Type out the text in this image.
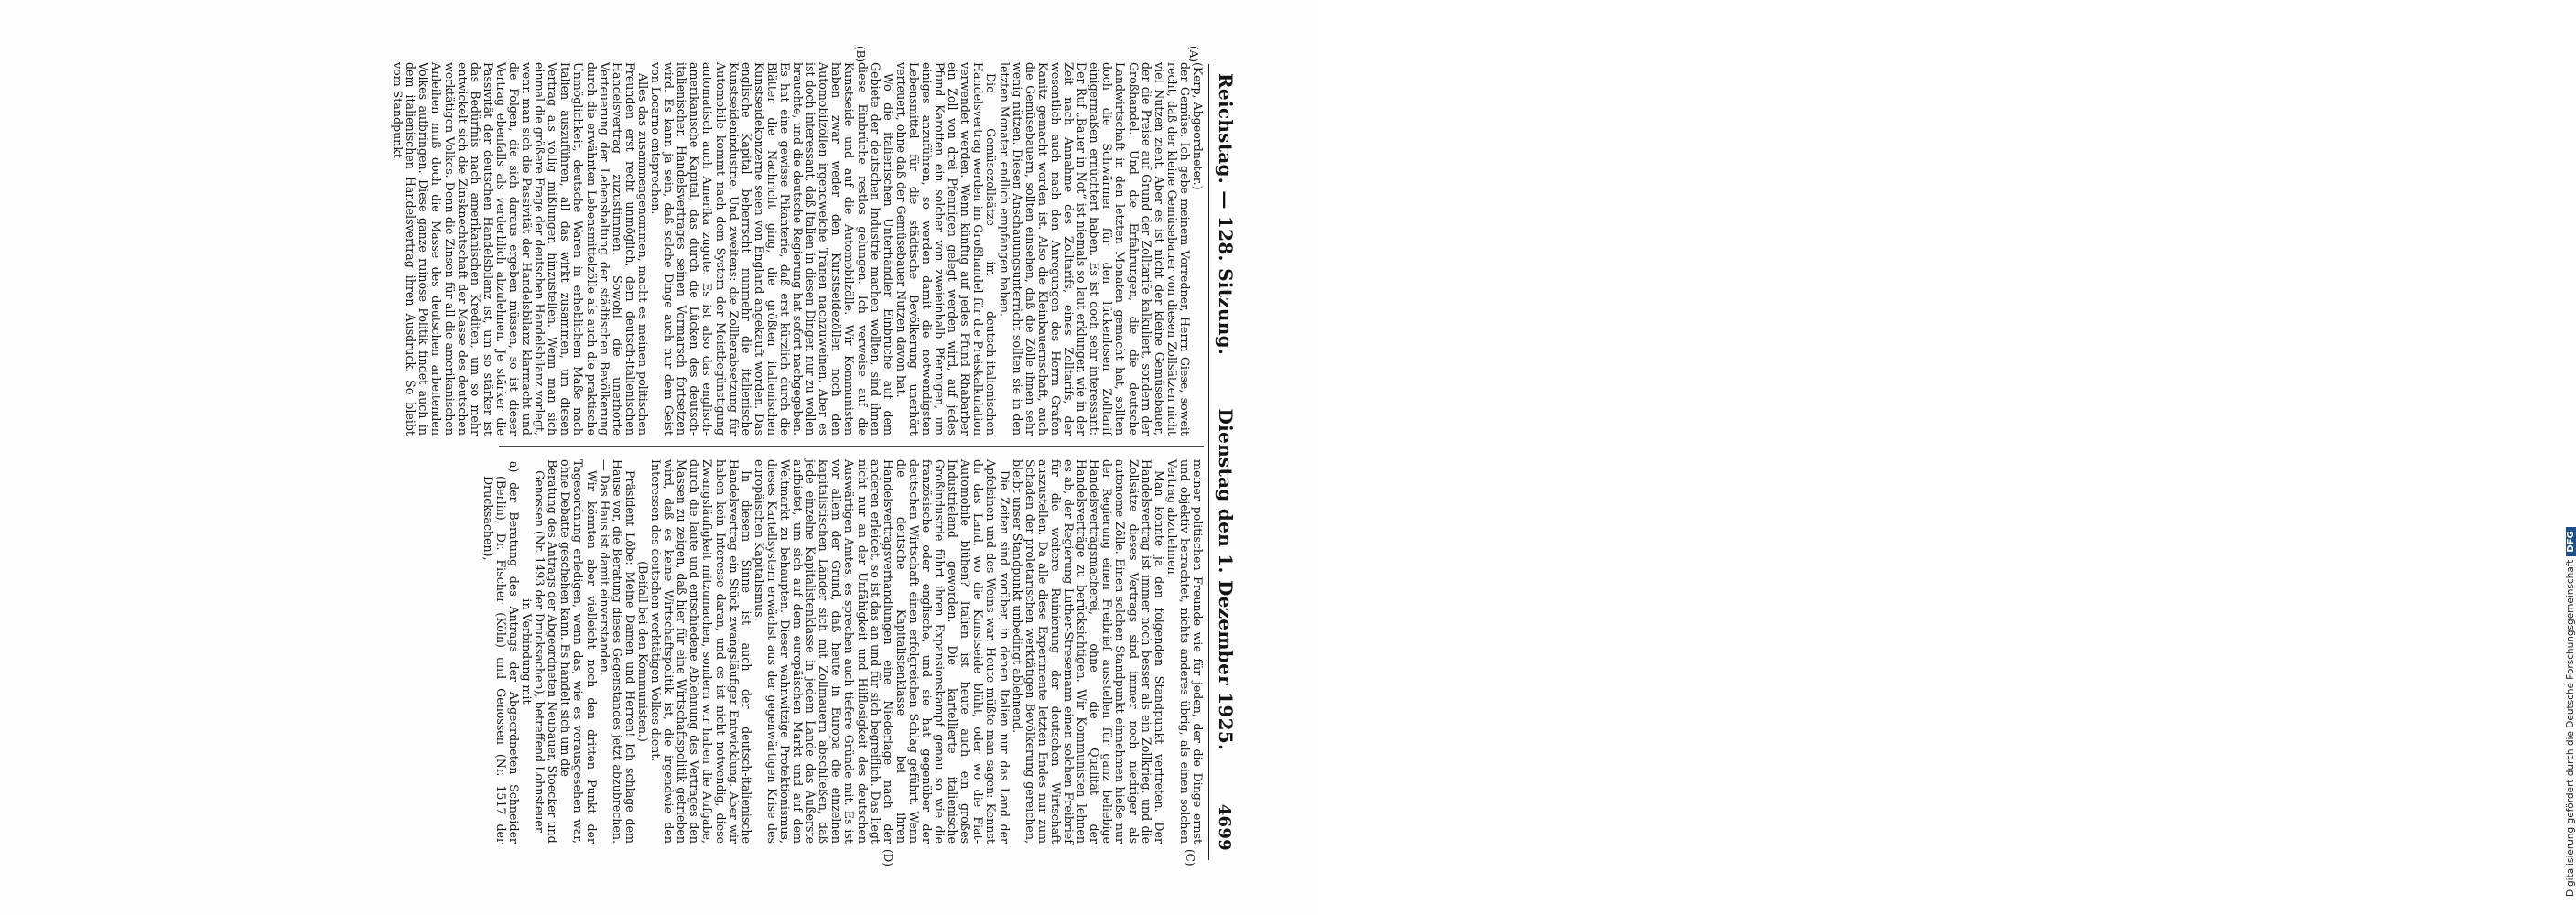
Reichstag. — 128. Sitzung.
Dienstag den 1. Dezember 1925.
4699
(A)
(B)
(C)
(D)

(Kerp, Abgeordneter.)

der Gemüse. Ich gebe meinem Vorredner, Herrn Giese, soweit recht, daß der kleine Gemüsebauer von diesen Zollsätzen nicht viel Nutzen zieht. Aber es ist nicht der kleine Gemüsebauer, der die Preise auf Grund der Zolltarife kalkuliert, sondern der Großhandel. Und die Erfahrungen, die die deutsche Landwirtschaft in den letzten Monaten gemacht hat, sollten doch die Schwärmer für den lückenlosen Zolltarif einigermaßen ernüchtert haben. Es ist doch sehr interessant: Der Ruf „Bauer in Not“ ist niemals so laut erklungen wie in der Zeit nach Annahme des Zolltarifs, eines Zolltarifs, der wesentlich auch nach den Anregungen des Herrn Grafen Kanitz gemacht worden ist. Also die Kleinbauernschaft, auch die Gemüsebauern, sollten einsehen, daß die Zölle ihnen sehr wenig nützen. Diesen Anschauungsunterricht sollten sie in den letzten Monaten endlich empfangen haben.

Die Gemüsezollsätze im deutsch-italienischen Handelsvertrag werden im Großhandel für die Preiskalkulation verwendet werden. Wenn künftig auf jedes Pfund Rhabarber ein Zoll von drei Pfennigen gelegt werden wird, auf jedes Pfund Karotten ein solcher von zweieinhalb Pfennigen, um einiges anzuführen, so werden damit die notwendigsten Lebensmittel für die städtische Bevölkerung unerhört verteuert, ohne daß der Gemüsebauer Nutzen davon hat.

Wo die italienischen Unterhändler Einbrüche auf dem Gebiete der deutschen Industrie machen wollten, sind ihnen diese Einbrüche restlos gelungen. Ich verweise auf die Kunstseide und auf die Automobilzölle. Wir Kommunisten haben zwar weder den Kunstseidezöllen noch den Automobilzöllen irgendwelche Tränen nachzuweinen. Aber es ist doch interessant, daß Italien in diesen Dingen nur zu wollen brauchte, und die deutsche Regierung hat sofort nachgegeben. Es hat eine gewisse Pikanterie, daß erst kürzlich durch die Blätter die Nachricht ging, die größten italienischen Kunstseidekonzerne seien von England angekauft worden. Das englische Kapital beherrscht nunmehr die italienische Kunstseidenindustrie. Und zweitens: die Zollherabsetzung für Automobile kommt nach dem System der Meistbegünstigung automatisch auch Amerika zugute. Es ist also das englisch-amerikanische Kapital, das durch die Lücken des deutsch-italienischen Handelsvertrages seinen Vormarsch fortsetzen wird. Es kann ja sein, daß solche Dinge auch nur dem Geist von Locarno entsprechen.

Alles das zusammengenommen, macht es meinen politischen Freunden erst recht unmöglich, dem deutsch-italienischen Handelsvertrag zuzustimmen. Sowohl die unerhörte Verteuerung der Lebenshaltung der städtischen Bevölkerung durch die erwähnten Lebensmittelzölle als auch die praktische Unmöglichkeit, deutsche Waren in erheblichem Maße nach Italien auszuführen, all das wirkt zusammen, um diesen Vertrag als völlig mißlungen hinzustellen. Wenn man sich einmal die größere Frage der deutschen Handelsbilanz vorlegt, wenn man sich die Passivität der Handelsbilanz klarmacht und die Folgen, die sich daraus ergeben müssen, so ist dieser Vertrag ebenfalls als verderblich abzulehnen. Je stärker die Passivität der deutschen Handelsbilanz ist, um so stärker ist das Bedürfnis nach amerikanischen Krediten, um so mehr entwickelt sich die Zinsknechtschaft der Masse des deutschen werktätigen Volkes. Denn die Zinsen für all die amerikanischen Anleihen muß doch die Masse des deutschen arbeitenden Volkes aufbringen. Diese ganze ruinöse Politik findet auch in dem italienischen Handelsvertrag ihren Ausdruck. So bleibt vom Standpunkt

meiner politischen Freunde wie für jeden, der die Dinge ernst und objektiv betrachtet, nichts anderes übrig, als einen solchen Vertrag abzulehnen.

Man könnte ja den folgenden Standpunkt vertreten. Der Handelsvertrag ist immer noch besser als ein Zollkrieg, und die Zollsätze dieses Vertrags sind immer noch niedriger als autonome Zölle. Einen solchen Standpunkt einnehmen hieße nur der Regierung einen Freibrief ausstellen für ganz beliebige Handelsverträgsmacherei, ohne die Qualität der Handelsverträge zu berücksichtigen. Wir Kommunisten lehnen es ab, der Regierung Luther-Stresemann einen solchen Freibrief für die weitere Ruinierung der deutschen Wirtschaft auszustellen. Da alle diese Experimente letzten Endes nur zum Schaden der proletarischen werktätigen Bevölkerung gereichen, bleibt unser Standpunkt unbedingt ablehnend.

Die Zeiten sind vorüber, in denen Italien nur das Land der Apfelsinen und des Weins war. Heute müßte man sagen: Kennst du das Land, wo die Kunstseide blüht, oder wo die Fiat-Automobile blühen? Italien ist heute auch ein großes Industrieland geworden. Die kartellierte italienische Großindustrie führt ihren Expansionskampf genau so wie die französische oder englische, und sie hat gegenüber der deutschen Wirtschaft einen erfolgreichen Schlag geführt. Wenn die deutsche Kapitalistenklasse bei ihren Handelsvertragsverhandlungen eine Niederlage nach der anderen erleidet, so ist das an und für sich begreiflich. Das liegt nicht nur an der Unfähigkeit und Hilflosigkeit des deutschen Auswärtigen Amtes, es sprechen auch tiefere Gründe mit. Es ist vor allem der Grund, daß heute in Europa die einzelnen kapitalistischen Länder sich mit Zollmauern abschließen, daß jede einzelne Kapitalistenklasse in jedem Lande das Äußerste aufbietet, um sich auf dem europäischen Markt und auf dem Weltmarkt zu behaupten. Dieser wahnwitzige Protektionismus, dieses Kartellsystem erwächst aus der gegenwärtigen Krise des europäischen Kapitalismus.

In diesem Sinne ist auch der deutsch-italienische Handelsvertrag ein Stück zwangsläufiger Entwicklung. Aber wir haben kein Interesse daran, und es ist nicht notwendig, diese Zwangsläufigkeit mitzumachen, sondern wir haben die Aufgabe, durch die laute und entschiedene Ablehnung des Vertrages den Massen zu zeigen, daß hier für eine Wirtschaftspolitik getrieben wird, daß es keine Wirtschaftspolitik ist, die irgendwie den Interessen des deutschen werktätigen Volkes dient.

(Beifall bei den Kommunisten.)

Präsident Löbe: Meine Damen und Herren! Ich schlage dem Hause vor, die Beratung dieses Gegenstandes jetzt abzubrechen. — Das Haus ist damit einverstanden.

Wir könnten aber vielleicht noch den dritten Punkt der Tagesordnung erledigen, wenn das, wie es vorausgesehen war, ohne Debatte geschehen kann. Es handelt sich um die

Beratung des Antrags der Abgeordneten Neubauer, Stoecker und Genossen (Nr. 1493 der Drucksachen), betreffend Lohnsteuer

in Verbindung mit

a) der Beratung des Antrags der Abgeordneten Schneider (Berlin), Dr. Fischer (Köln) und Genossen (Nr. 1517 der Drucksachen),

Digitalisierung gefördert durch die Deutsche ForschungsgemeinschaftDFG
